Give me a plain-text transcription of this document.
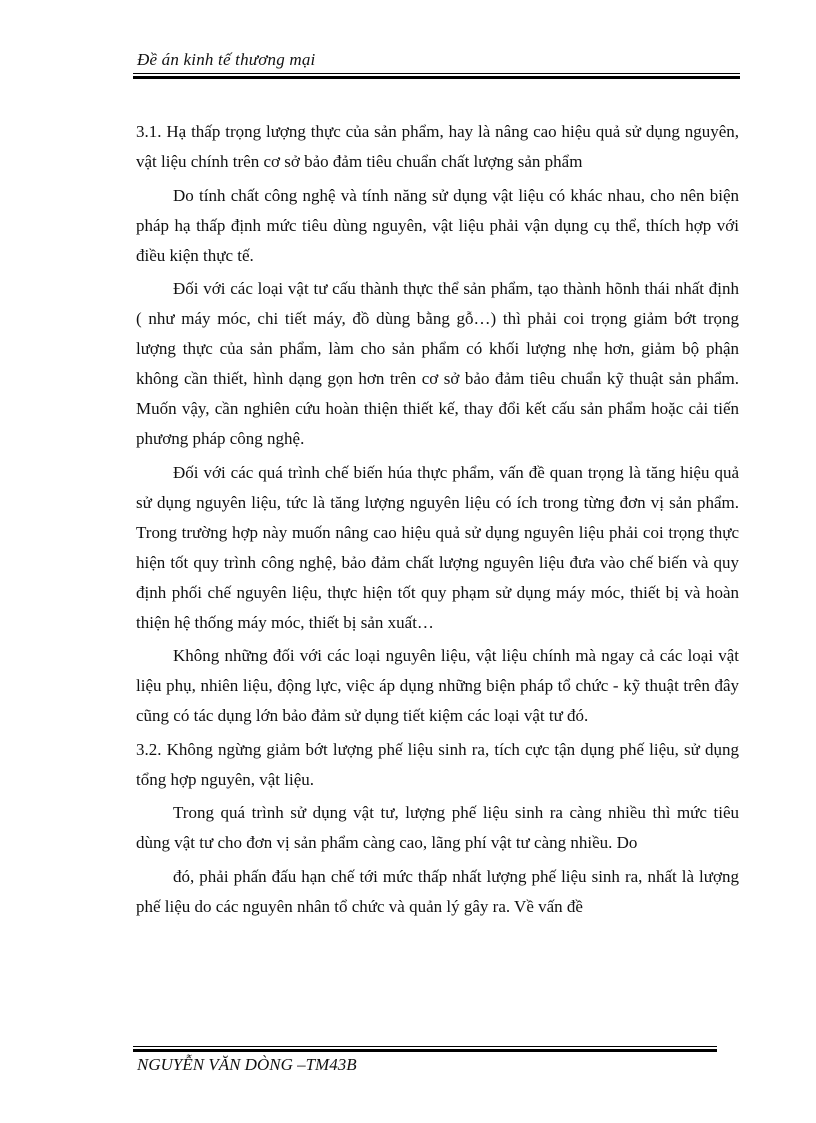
Đề án kinh tế thương mại

3.1. Hạ thấp trọng lượng thực của sản phẩm, hay là nâng cao hiệu quả sử dụng nguyên, vật liệu chính trên cơ sở bảo đảm tiêu chuẩn chất lượng sản phẩm

Do tính chất công nghệ và tính năng sử dụng vật liệu có khác nhau, cho nên biện pháp hạ thấp định mức tiêu dùng nguyên, vật liệu phải vận dụng cụ thể, thích hợp với điều kiện thực tế.

Đối với các loại vật tư cấu thành thực thể sản phẩm, tạo thành hõnh thái nhất định ( như máy móc, chi tiết máy, đồ dùng bằng gỗ…) thì phải coi trọng giảm bớt trọng lượng thực của sản phẩm, làm cho sản phẩm có khối lượng nhẹ hơn, giảm bộ phận không cần thiết, hình dạng gọn hơn trên cơ sở bảo đảm tiêu chuẩn kỹ thuật sản phẩm. Muốn vậy, cần nghiên cứu hoàn thiện thiết kế, thay đổi kết cấu sản phẩm hoặc cải tiến phương pháp công nghệ.

Đối với các quá trình chế biến húa thực phẩm, vấn đề quan trọng là tăng hiệu quả sử dụng nguyên liệu, tức là tăng lượng nguyên liệu có ích trong từng đơn vị sản phẩm. Trong trường hợp này muốn nâng cao hiệu quả sử dụng nguyên liệu phải coi trọng thực hiện tốt quy trình công nghệ, bảo đảm chất lượng nguyên liệu đưa vào chế biến và quy định phối chế nguyên liệu, thực hiện tốt quy phạm sử dụng máy móc, thiết bị và hoàn thiện hệ thống máy móc, thiết bị sản xuất…

Không những đối với các loại nguyên liệu, vật liệu chính mà ngay cả các loại vật liệu phụ, nhiên liệu, động lực, việc áp dụng những biện pháp tổ chức - kỹ thuật trên đây cũng có tác dụng lớn bảo đảm sử dụng tiết kiệm các loại vật tư đó.

3.2. Không ngừng giảm bớt lượng phế liệu sinh ra, tích cực tận dụng phế liệu, sử dụng tổng hợp nguyên, vật liệu.

Trong quá trình sử dụng vật tư, lượng phế liệu sinh ra càng nhiều thì mức tiêu dùng vật tư cho đơn vị sản phẩm càng cao, lãng phí vật tư càng nhiều. Do

đó, phải phấn đấu hạn chế tới mức thấp nhất lượng phế liệu sinh ra, nhất là lượng phế liệu do các nguyên nhân tổ chức và quản lý gây ra. Về vấn đề

NGUYỄN VĂN DÒNG –TM43B
